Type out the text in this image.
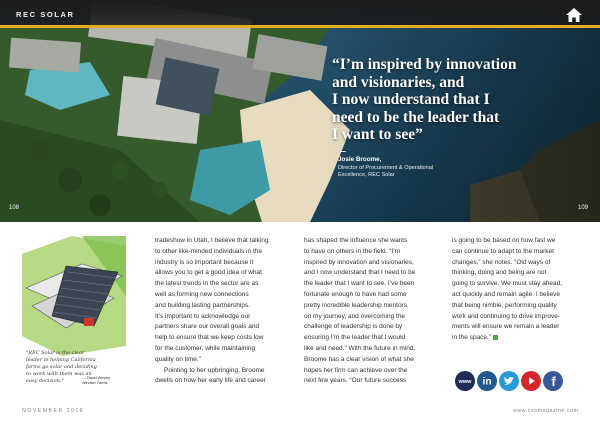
REC SOLAR
“I’m inspired by innovation
and visionaries, and
I now understand that I
need to be the leader that
I want to see”
Josie Broome,
Director of Procurement & Operational
Excellence, REC Solar
108	109
"REC Solar is the clear
leader in helping California
farms go solar and deciding
to work with them was an
easy decision."	— David Wesley
Windset Farms
tradeshow in Utah, I believe that talking
to other like-minded individuals in the
industry is so important because it
allows you to get a good idea of what
the latest trends in the sector are as
well as forming new connections
and building lasting partnerships.
It’s important to acknowledge our
partners share our overall goals and
help to ensure that we keep costs low
for the customer, while maintaining
quality on time.”
Pointing to her upbringing, Broome
dwells on how her early life and career
has shaped the influence she wants
to have on others in the field. “I’m
inspired by innovation and visionaries,
and I now understand that I need to be
the leader that I want to see. I’ve been
fortunate enough to have had some
pretty incredible leadership mentors
on my journey, and overcoming the
challenge of leadership is done by
ensuring I’m the leader that I would
like and need.” With the future in mind,
Broome has a clear vision of what she
hopes her firm can achieve over the
next few years. “Our future success
is going to be based on how fast we
can continue to adapt to the market
changes,” she notes. “Old ways of
thinking, doing and being are not
going to survive. We must stay ahead,
act quickly and remain agile. I believe
that being nimble, performing quality
work and continuing to drive improve-
ments will ensure we remain a leader
in the space.”
www in	f
NOVEMBER 2018	www.cxomagazine.com
